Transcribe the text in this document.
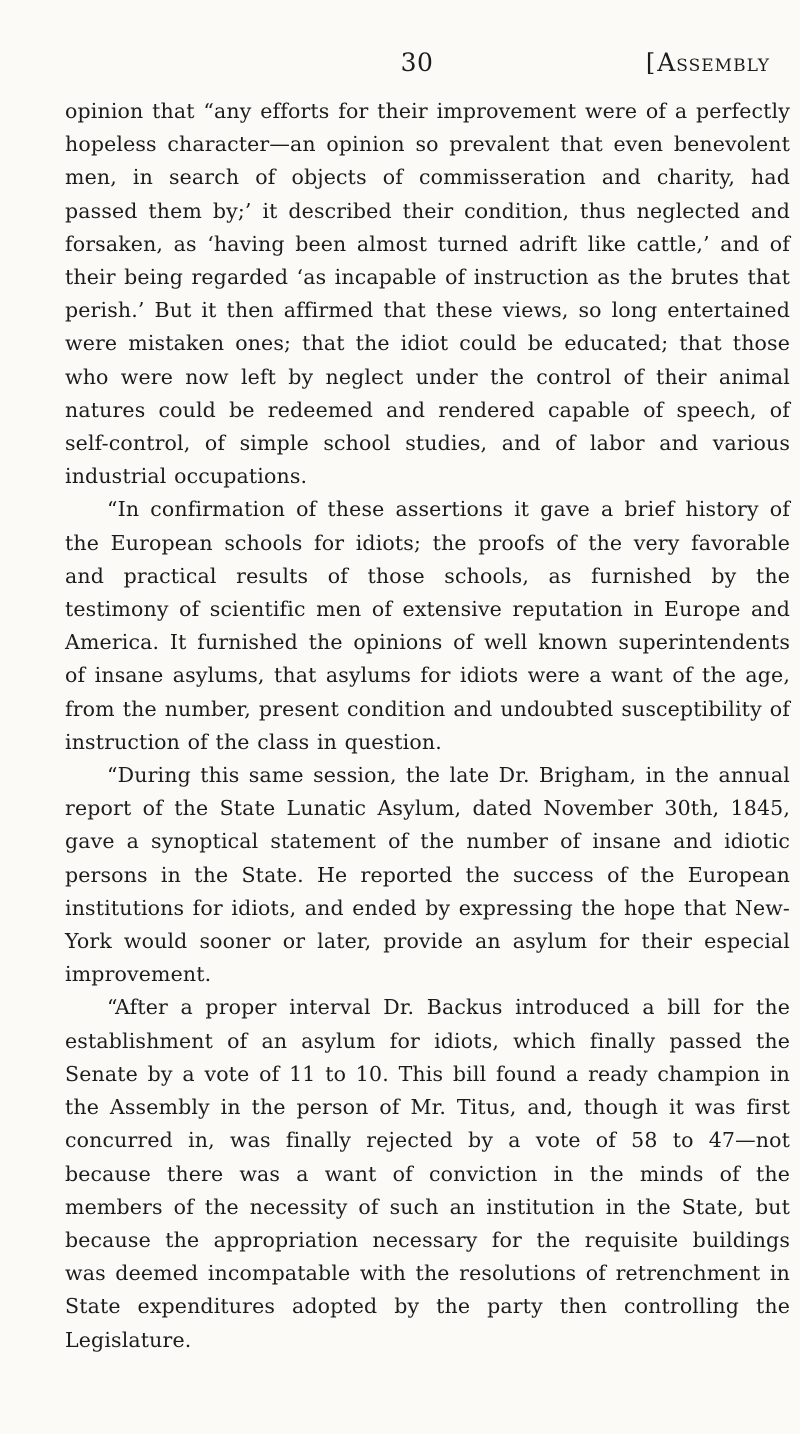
30	[Assembly

opinion that “any efforts for their improvement were of a perfectly hopeless character—an opinion so prevalent that even benevolent men, in search of objects of commisseration and charity, had passed them by;’ it described their condition, thus neglected and forsaken, as ‘having been almost turned adrift like cattle,’ and of their being regarded ‘as incapable of instruction as the brutes that perish.’ But it then affirmed that these views, so long entertained were mistaken ones; that the idiot could be educated; that those who were now left by neglect under the control of their animal natures could be redeemed and rendered capable of speech, of self-control, of simple school studies, and of labor and various industrial occupations.

“In confirmation of these assertions it gave a brief history of the European schools for idiots; the proofs of the very favorable and practical results of those schools, as furnished by the testimony of scientific men of extensive reputation in Europe and America. It furnished the opinions of well known superintendents of insane asylums, that asylums for idiots were a want of the age, from the number, present condition and undoubted susceptibility of instruction of the class in question.

“During this same session, the late Dr. Brigham, in the annual report of the State Lunatic Asylum, dated November 30th, 1845, gave a synoptical statement of the number of insane and idiotic persons in the State. He reported the success of the European institutions for idiots, and ended by expressing the hope that New-York would sooner or later, provide an asylum for their especial improvement.

“After a proper interval Dr. Backus introduced a bill for the establishment of an asylum for idiots, which finally passed the Senate by a vote of 11 to 10. This bill found a ready champion in the Assembly in the person of Mr. Titus, and, though it was first concurred in, was finally rejected by a vote of 58 to 47—not because there was a want of conviction in the minds of the members of the necessity of such an institution in the State, but because the appropriation necessary for the requisite buildings was deemed incompatable with the resolutions of retrenchment in State expenditures adopted by the party then controlling the Legislature.
